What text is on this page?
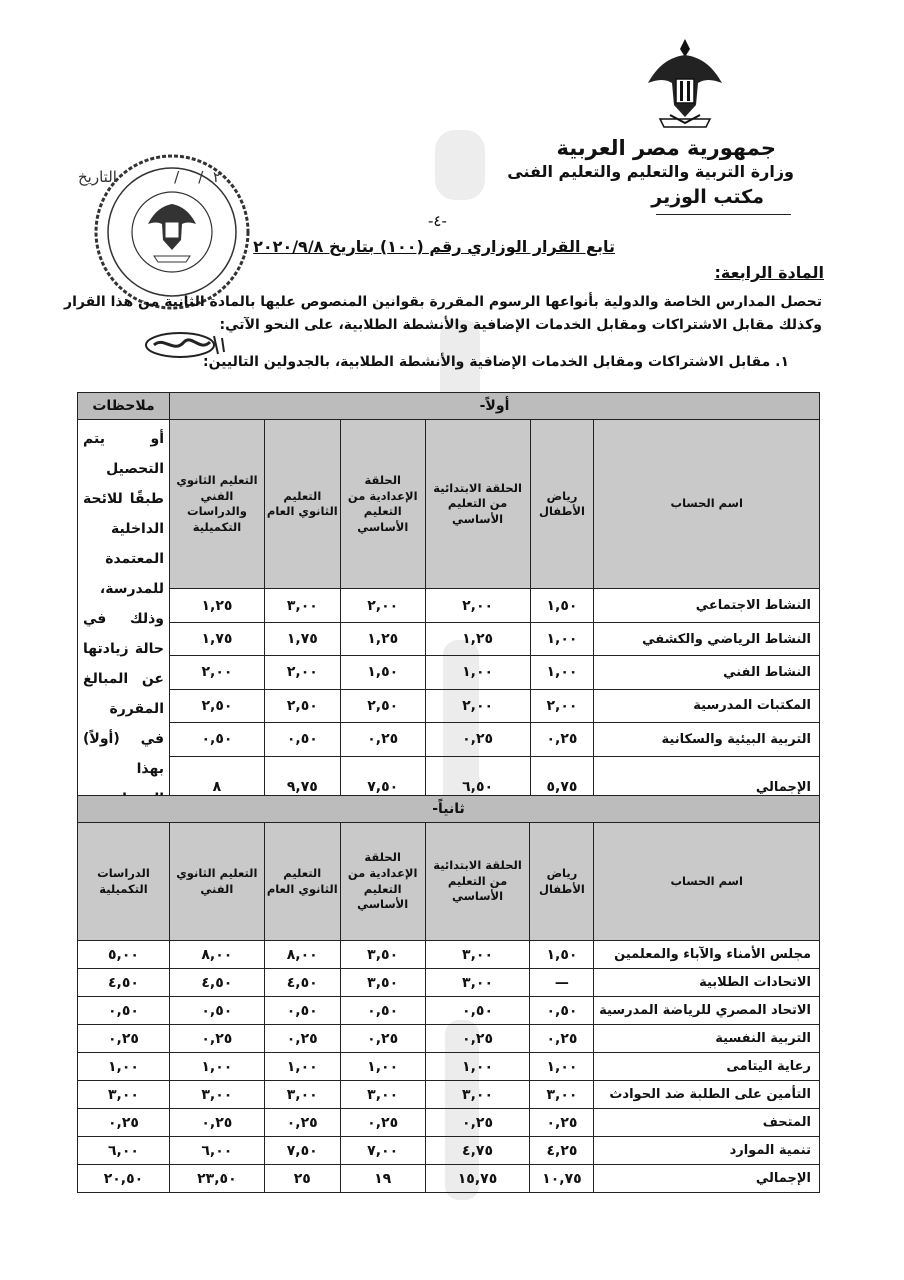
جمهورية مصر العربية
وزارة التربية والتعليم والتعليم الفنى
مكتب الوزير
٢٠  /    /            التاريخ
-٤-
تابع القرار الوزاري رقم (١٠٠) بتاريخ ٢٠٢٠/٩/٨
المادة الرابعة:
تحصل المدارس الخاصة والدولية بأنواعها الرسوم المقررة بقوانين المنصوص عليها بالمادة الثانية من هذا القرار
وكذلك مقابل الاشتراكات ومقابل الخدمات الإضافية والأنشطة الطلابية، على النحو الآتي:
١. مقابل الاشتراكات ومقابل الخدمات الإضافية والأنشطة الطلابية، بالجدولين التاليين:
أولاً-						ملاحظات
اسم الحساب	رياض الأطفال	الحلقة الابتدائية من التعليم الأساسي	الحلقة الإعدادية من التعليم الأساسي	التعليم الثانوي العام	التعليم الثانوي الفني والدراسات التكميلية	أو يتم التحصيل طبقًا للائحة الداخلية المعتمدة للمدرسة، وذلك في حالة زيادتها عن المبالغ المقررة في (أولاً) بهذا
النشاط الاجتماعي	١,٥٠	٢,٠٠	٢,٠٠	٣,٠٠	١,٢٥	
النشاط الرياضي والكشفي	١,٠٠	١,٢٥	١,٢٥	١,٧٥	١,٧٥	
النشاط الفني	١,٠٠	١,٠٠	١,٥٠	٢,٠٠	٢,٠٠	
المكتبات المدرسية	٢,٠٠	٢,٠٠	٢,٥٠	٢,٥٠	٢,٥٠	
التربية البيئية والسكانية	٠,٢٥	٠,٢٥	٠,٢٥	٠,٥٠	٠,٥٠	
الإجمالي	٥,٧٥	٦,٥٠	٧,٥٠	٩,٧٥	٨	
ثانياً-						
اسم الحساب	رياض الأطفال	الحلقة الابتدائية من التعليم الأساسي	الحلقة الإعدادية من التعليم الأساسي	التعليم الثانوي العام	التعليم الثانوي الفني	الدراسات التكميلية
مجلس الأمناء والآباء والمعلمين	١,٥٠	٣,٠٠	٣,٥٠	٨,٠٠	٨,٠٠	٥,٠٠
الاتحادات الطلابية	—	٣,٠٠	٣,٥٠	٤,٥٠	٤,٥٠	٤,٥٠
الاتحاد المصري للرياضة المدرسية	٠,٥٠	٠,٥٠	٠,٥٠	٠,٥٠	٠,٥٠	٠,٥٠
التربية النفسية	٠,٢٥	٠,٢٥	٠,٢٥	٠,٢٥	٠,٢٥	٠,٢٥
رعاية اليتامى	١,٠٠	١,٠٠	١,٠٠	١,٠٠	١,٠٠	١,٠٠
التأمين على الطلبة ضد الحوادث	٣,٠٠	٣,٠٠	٣,٠٠	٣,٠٠	٣,٠٠	٣,٠٠
المتحف	٠,٢٥	٠,٢٥	٠,٢٥	٠,٢٥	٠,٢٥	٠,٢٥
تنمية الموارد	٤,٢٥	٤,٧٥	٧,٠٠	٧,٥٠	٦,٠٠	٦,٠٠
الإجمالي	١٠,٧٥	١٥,٧٥	١٩	٢٥	٢٣,٥٠	٢٠,٥٠
